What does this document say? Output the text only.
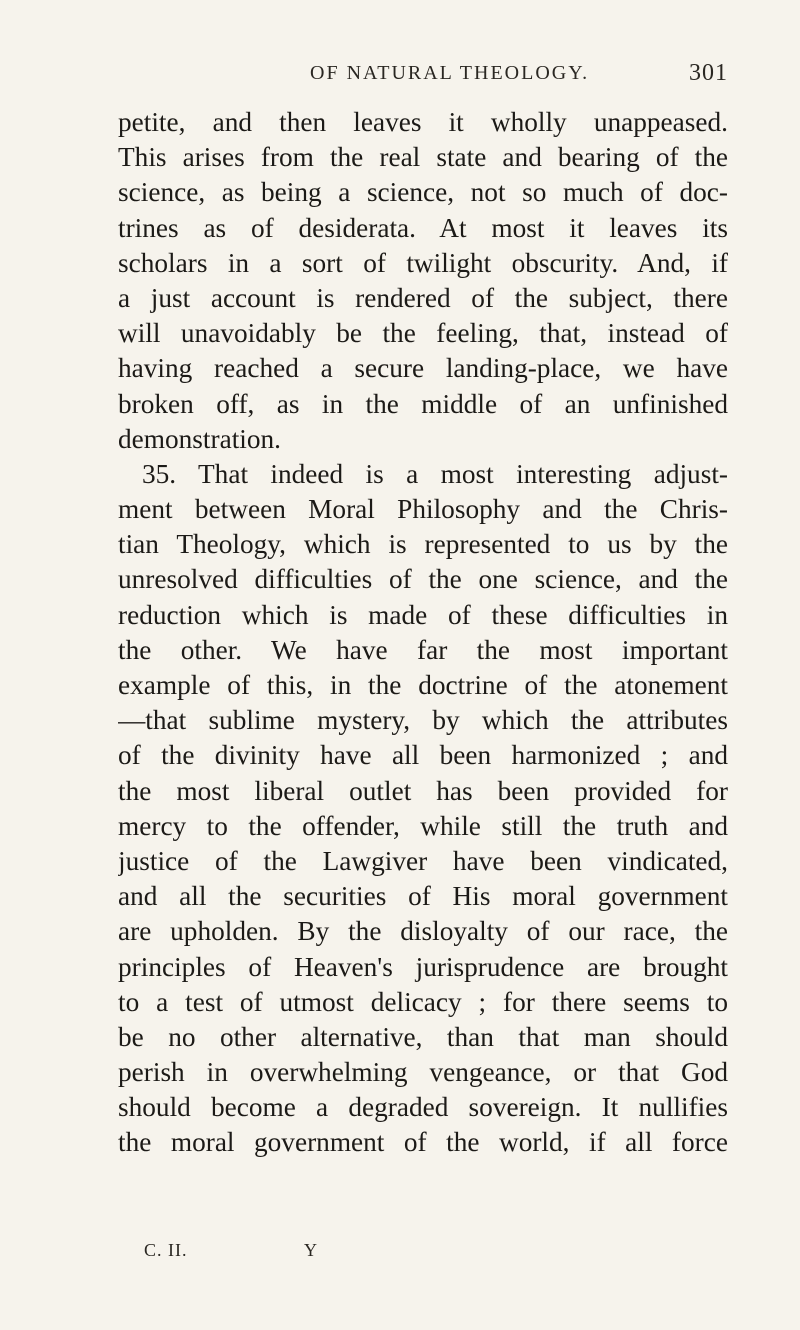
OF NATURAL THEOLOGY.	301
petite, and then leaves it wholly unappeased.
This arises from the real state and bearing of the
science, as being a science, not so much of doc-
trines as of desiderata. At most it leaves its
scholars in a sort of twilight obscurity. And, if
a just account is rendered of the subject, there
will unavoidably be the feeling, that, instead of
having reached a secure landing-place, we have
broken off, as in the middle of an unfinished
demonstration.
35. That indeed is a most interesting adjust-
ment between Moral Philosophy and the Chris-
tian Theology, which is represented to us by the
unresolved difficulties of the one science, and the
reduction which is made of these difficulties in
the other. We have far the most important
example of this, in the doctrine of the atonement
—that sublime mystery, by which the attributes
of the divinity have all been harmonized ; and
the most liberal outlet has been provided for
mercy to the offender, while still the truth and
justice of the Lawgiver have been vindicated,
and all the securities of His moral government
are upholden. By the disloyalty of our race, the
principles of Heaven's jurisprudence are brought
to a test of utmost delicacy ; for there seems to
be no other alternative, than that man should
perish in overwhelming vengeance, or that God
should become a degraded sovereign. It nullifies
the moral government of the world, if all force
C. II.	Y
